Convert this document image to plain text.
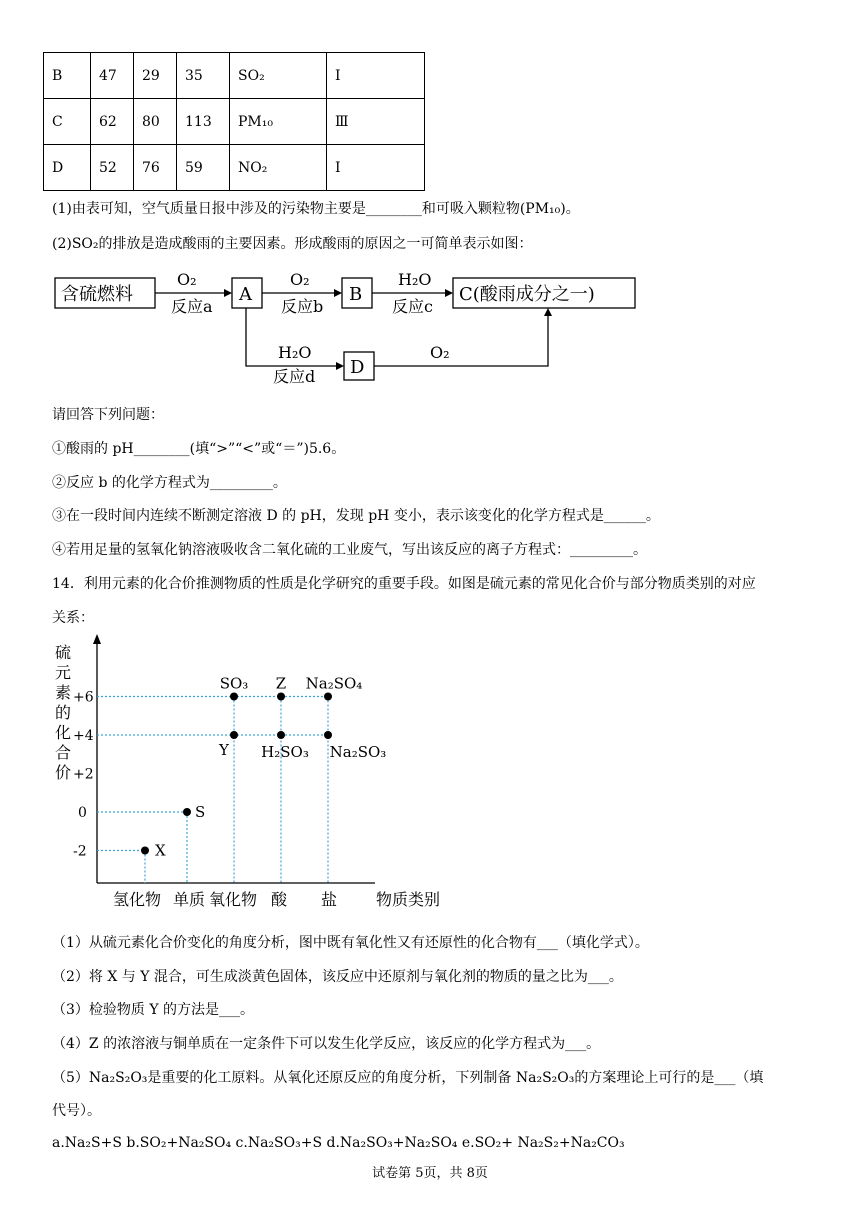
B	47	29	35	SO₂	Ⅰ
C	62	80	113	PM₁₀	Ⅲ
D	52	76	59	NO₂	Ⅰ
(1)由表可知，空气质量日报中涉及的污染物主要是________和可吸入颗粒物(PM₁₀)。
(2)SO₂的排放是造成酸雨的主要因素。形成酸雨的原因之一可简单表示如图：
含硫燃料	A	B	C(酸雨成分之一)
D
O₂
反应a
O₂
反应b
H₂O
反应c
H₂O
反应d
O₂
请回答下列问题：
①酸雨的 pH________(填“>”“<”或“＝”)5.6。
②反应 b 的化学方程式为_________。
③在一段时间内连续不断测定溶液 D 的 pH，发现 pH 变小，表示该变化的化学方程式是______。
④若用足量的氢氧化钠溶液吸收含二氧化硫的工业废气，写出该反应的离子方程式：_________。
14．利用元素的化合价推测物质的性质是化学研究的重要手段。如图是硫元素的常见化合价与部分物质类别的对应
关系：
硫
元
素
的
化
合
价
+6
+4
+2
0
-2
氢化物 单质 氧化物 酸 盐 物质类别
X
S
SO₃
Y
Z
H₂SO₃
Na₂SO₄
Na₂SO₃
（1）从硫元素化合价变化的角度分析，图中既有氧化性又有还原性的化合物有___（填化学式）。
（2）将 X 与 Y 混合，可生成淡黄色固体，该反应中还原剂与氧化剂的物质的量之比为___。
（3）检验物质 Y 的方法是___。
（4）Z 的浓溶液与铜单质在一定条件下可以发生化学反应，该反应的化学方程式为___。
（5）Na₂S₂O₃是重要的化工原料。从氧化还原反应的角度分析，下列制备 Na₂S₂O₃的方案理论上可行的是___（填
代号）。
a.Na₂S+S b.SO₂+Na₂SO₄ c.Na₂SO₃+S d.Na₂SO₃+Na₂SO₄ e.SO₂+ Na₂S₂+Na₂CO₃
试卷第 5页，共 8页
